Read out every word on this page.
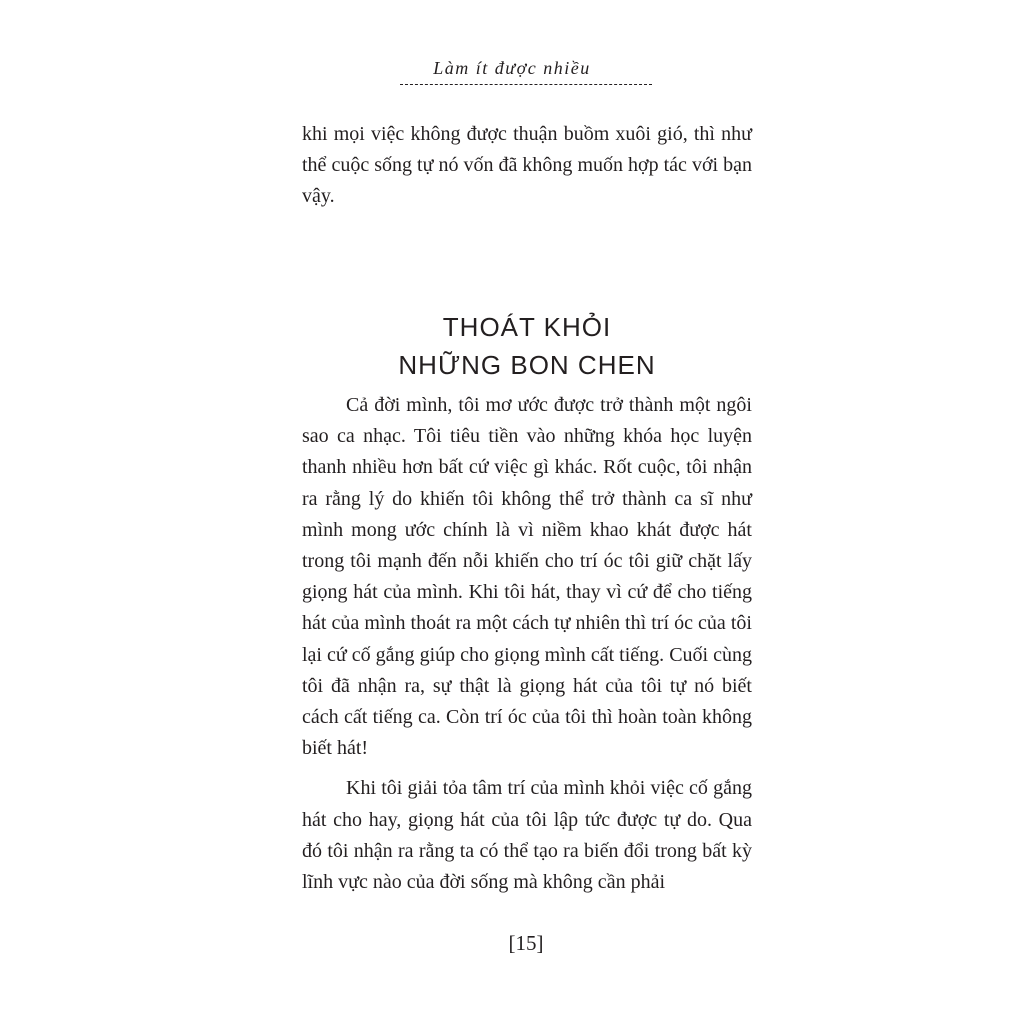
Làm ít được nhiều

khi mọi việc không được thuận buồm xuôi gió, thì như thể cuộc sống tự nó vốn đã không muốn hợp tác với bạn vậy.

THOÁT KHỎI
NHỮNG BON CHEN

Cả đời mình, tôi mơ ước được trở thành một ngôi sao ca nhạc. Tôi tiêu tiền vào những khóa học luyện thanh nhiều hơn bất cứ việc gì khác. Rốt cuộc, tôi nhận ra rằng lý do khiến tôi không thể trở thành ca sĩ như mình mong ước chính là vì niềm khao khát được hát trong tôi mạnh đến nỗi khiến cho trí óc tôi giữ chặt lấy giọng hát của mình. Khi tôi hát, thay vì cứ để cho tiếng hát của mình thoát ra một cách tự nhiên thì trí óc của tôi lại cứ cố gắng giúp cho giọng mình cất tiếng. Cuối cùng tôi đã nhận ra, sự thật là giọng hát của tôi tự nó biết cách cất tiếng ca. Còn trí óc của tôi thì hoàn toàn không biết hát!

Khi tôi giải tỏa tâm trí của mình khỏi việc cố gắng hát cho hay, giọng hát của tôi lập tức được tự do. Qua đó tôi nhận ra rằng ta có thể tạo ra biến đổi trong bất kỳ lĩnh vực nào của đời sống mà không cần phải

[15]
